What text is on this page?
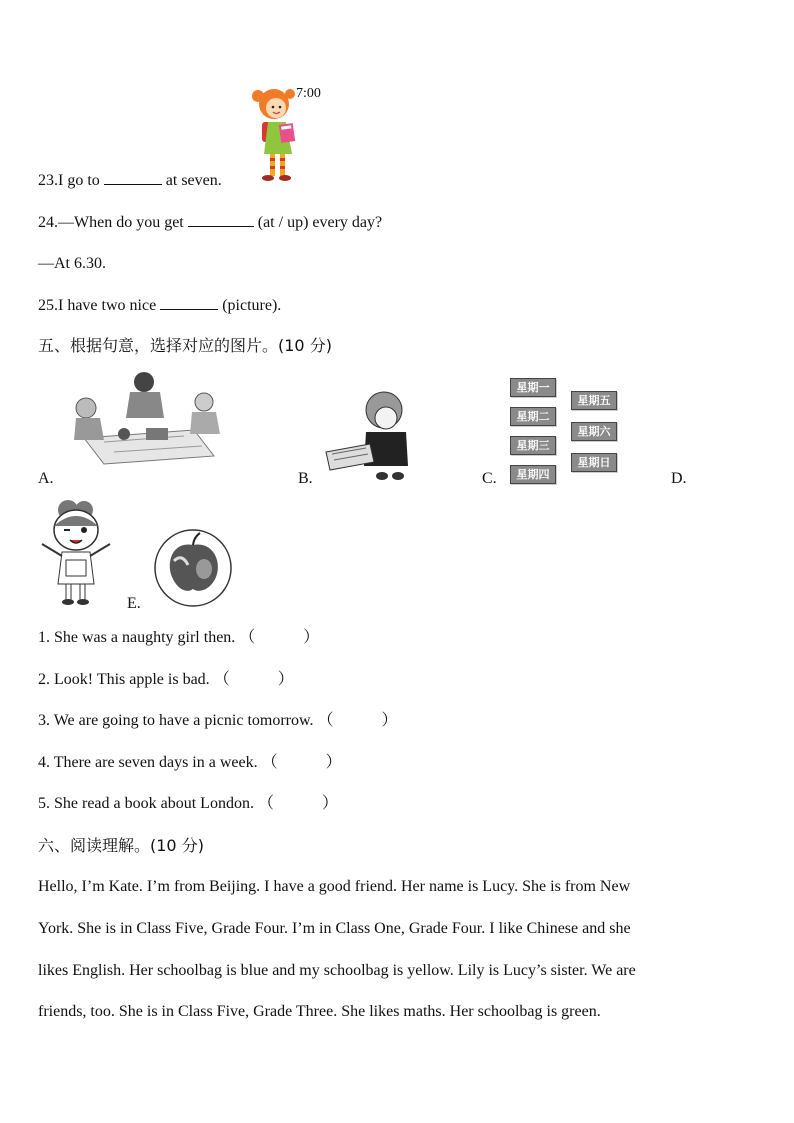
7:00
23.I go to	at seven.
24.—When do you get	(at / up) every day?
—At 6.30.
25.I have two nice	(picture).
五、根据句意，选择对应的图片。(10 分)
A.	B.
星期一
星期二
星期三
星期四
星期五
星期六
星期日
C.	D.
E.
1. She was a naughty girl then. （　　　）
2. Look! This apple is bad. （　　　）
3. We are going to have a picnic tomorrow. （　　　）
4. There are seven days in a week. （　　　）
5. She read a book about London. （　　　）
六、阅读理解。(10 分)
Hello, I’m Kate. I’m from Beijing. I have a good friend. Her name is Lucy. She is from New
York. She is in Class Five, Grade Four. I’m in Class One, Grade Four. I like Chinese and she
likes English. Her schoolbag is blue and my schoolbag is yellow. Lily is Lucy’s sister. We are
friends, too. She is in Class Five, Grade Three. She likes maths. Her schoolbag is green.
